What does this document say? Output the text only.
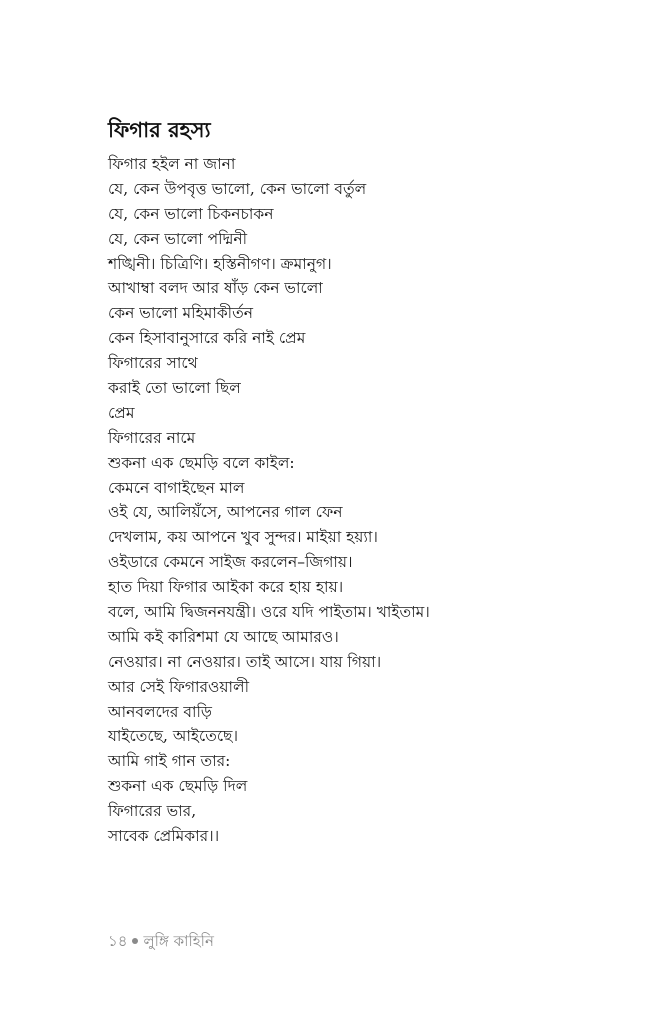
ফিগার রহস্য
ফিগার হইল না জানা
যে, কেন উপবৃত্ত ভালো, কেন ভালো বর্তুল
যে, কেন ভালো চিকনচাকন
যে, কেন ভালো পদ্মিনী
শঙ্খিনী। চিত্রিণি। হস্তিনীগণ। ক্রমানুগ।
আখাম্বা বলদ আর ষাঁড় কেন ভালো
কেন ভালো মহিমাকীর্তন
কেন হিসাবানুসারে করি নাই প্রেম
ফিগারের সাথে
করাই তো ভালো ছিল
প্রেম
ফিগারের নামে
শুকনা এক ছেমড়ি বলে কাইল:
কেমনে বাগাইছেন মাল
ওই যে, আলিয়ঁসে, আপনের গাল ফেন
দেখলাম, কয় আপনে খুব সুন্দর। মাইয়া হয়্যা।
ওইডারে কেমনে সাইজ করলেন–জিগায়।
হাত দিয়া ফিগার আইকা করে হায় হায়।
বলে, আমি দ্বিজননযন্ত্রী। ওরে যদি পাইতাম। খাইতাম।
আমি কই কারিশমা যে আছে আমারও।
নেওয়ার। না নেওয়ার। তাই আসে। যায় গিয়া।
আর সেই ফিগারওয়ালী
আনবলদের বাড়ি
যাইতেছে, আইতেছে।
আমি গাই গান তার:
শুকনা এক ছেমড়ি দিল
ফিগারের ভার,
সাবেক প্রেমিকার।।
১৪ লুঙ্গি কাহিনি
